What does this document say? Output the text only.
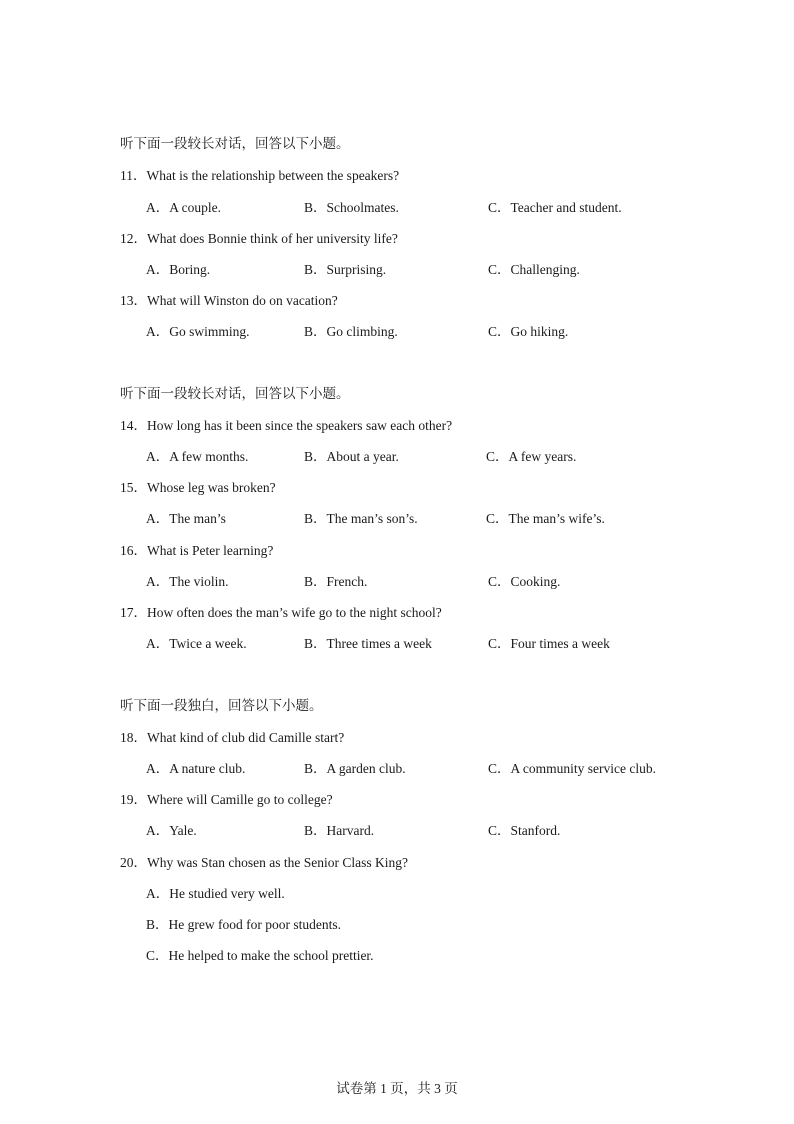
听下面一段较长对话，回答以下小题。
11．What is the relationship between the speakers?
A．A couple.	B．Schoolmates.	C．Teacher and student.
12．What does Bonnie think of her university life?
A．Boring.	B．Surprising.	C．Challenging.
13．What will Winston do on vacation?
A．Go swimming.	B．Go climbing.	C．Go hiking.
听下面一段较长对话，回答以下小题。
14．How long has it been since the speakers saw each other?
A．A few months.	B．About a year.	C．A few years.
15．Whose leg was broken?
A．The man’s	B．The man’s son’s.	C．The man’s wife’s.
16．What is Peter learning?
A．The violin.	B．French.	C．Cooking.
17．How often does the man’s wife go to the night school?
A．Twice a week.	B．Three times a week	C．Four times a week
听下面一段独白，回答以下小题。
18．What kind of club did Camille start?
A．A nature club.	B．A garden club.	C．A community service club.
19．Where will Camille go to college?
A．Yale.	B．Harvard.	C．Stanford.
20．Why was Stan chosen as the Senior Class King?
A．He studied very well.
B．He grew food for poor students.
C．He helped to make the school prettier.
试卷第 1 页，共 3 页
